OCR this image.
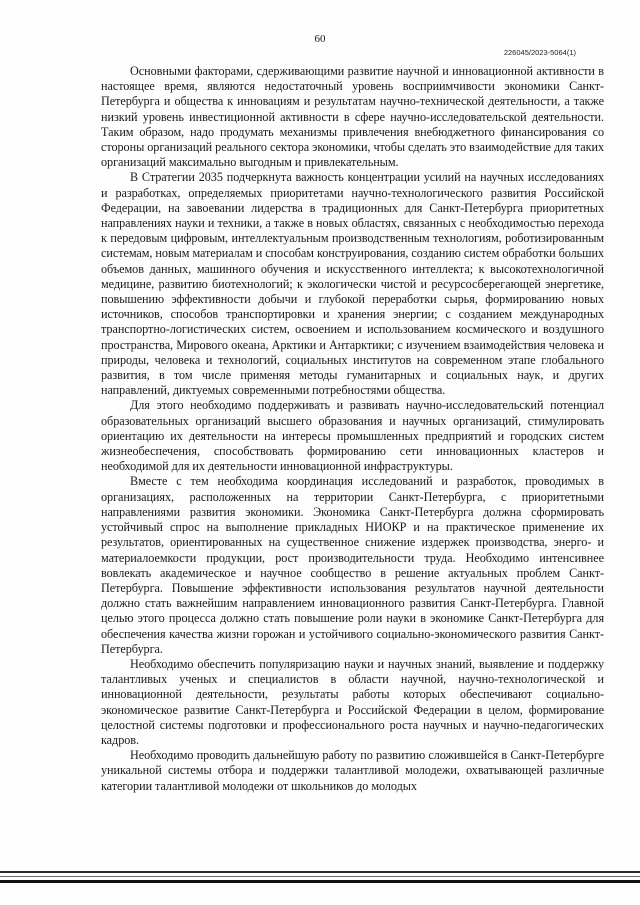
60
226045/2023-5064(1)

Основными факторами, сдерживающими развитие научной и инновационной активности в настоящее время, являются недостаточный уровень восприимчивости экономики Санкт-Петербурга и общества к инновациям и результатам научно-технической деятельности, а также низкий уровень инвестиционной активности в сфере научно-исследовательской деятельности. Таким образом, надо продумать механизмы привлечения внебюджетного финансирования со стороны организаций реального сектора экономики, чтобы сделать это взаимодействие для таких организаций максимально выгодным и привлекательным.

В Стратегии 2035 подчеркнута важность концентрации усилий на научных исследованиях и разработках, определяемых приоритетами научно-технологического развития Российской Федерации, на завоевании лидерства в традиционных для Санкт-Петербурга приоритетных направлениях науки и техники, а также в новых областях, связанных с необходимостью перехода к передовым цифровым, интеллектуальным производственным технологиям, роботизированным системам, новым материалам и способам конструирования, созданию систем обработки больших объемов данных, машинного обучения и искусственного интеллекта; к высокотехнологичной медицине, развитию биотехнологий; к экологически чистой и ресурсосберегающей энергетике, повышению эффективности добычи и глубокой переработки сырья, формированию новых источников, способов транспортировки и хранения энергии; с созданием международных транспортно-логистических систем, освоением и использованием космического и воздушного пространства, Мирового океана, Арктики и Антарктики; с изучением взаимодействия человека и природы, человека и технологий, социальных институтов на современном этапе глобального развития, в том числе применяя методы гуманитарных и социальных наук, и других направлений, диктуемых современными потребностями общества.

Для этого необходимо поддерживать и развивать научно-исследовательский потенциал образовательных организаций высшего образования и научных организаций, стимулировать ориентацию их деятельности на интересы промышленных предприятий и городских систем жизнеобеспечения, способствовать формированию сети инновационных кластеров и необходимой для их деятельности инновационной инфраструктуры.

Вместе с тем необходима координация исследований и разработок, проводимых в организациях, расположенных на территории Санкт-Петербурга, с приоритетными направлениями развития экономики. Экономика Санкт-Петербурга должна сформировать устойчивый спрос на выполнение прикладных НИОКР и на практическое применение их результатов, ориентированных на существенное снижение издержек производства, энерго- и материалоемкости продукции, рост производительности труда. Необходимо интенсивнее вовлекать академическое и научное сообщество в решение актуальных проблем Санкт-Петербурга. Повышение эффективности использования результатов научной деятельности должно стать важнейшим направлением инновационного развития Санкт-Петербурга. Главной целью этого процесса должно стать повышение роли науки в экономике Санкт-Петербурга для обеспечения качества жизни горожан и устойчивого социально-экономического развития Санкт-Петербурга.

Необходимо обеспечить популяризацию науки и научных знаний, выявление и поддержку талантливых ученых и специалистов в области научной, научно-технологической и инновационной деятельности, результаты работы которых обеспечивают социально-экономическое развитие Санкт-Петербурга и Российской Федерации в целом, формирование целостной системы подготовки и профессионального роста научных и научно-педагогических кадров.

Необходимо проводить дальнейшую работу по развитию сложившейся в Санкт-Петербурге уникальной системы отбора и поддержки талантливой молодежи, охватывающей различные категории талантливой молодежи от школьников до молодых
